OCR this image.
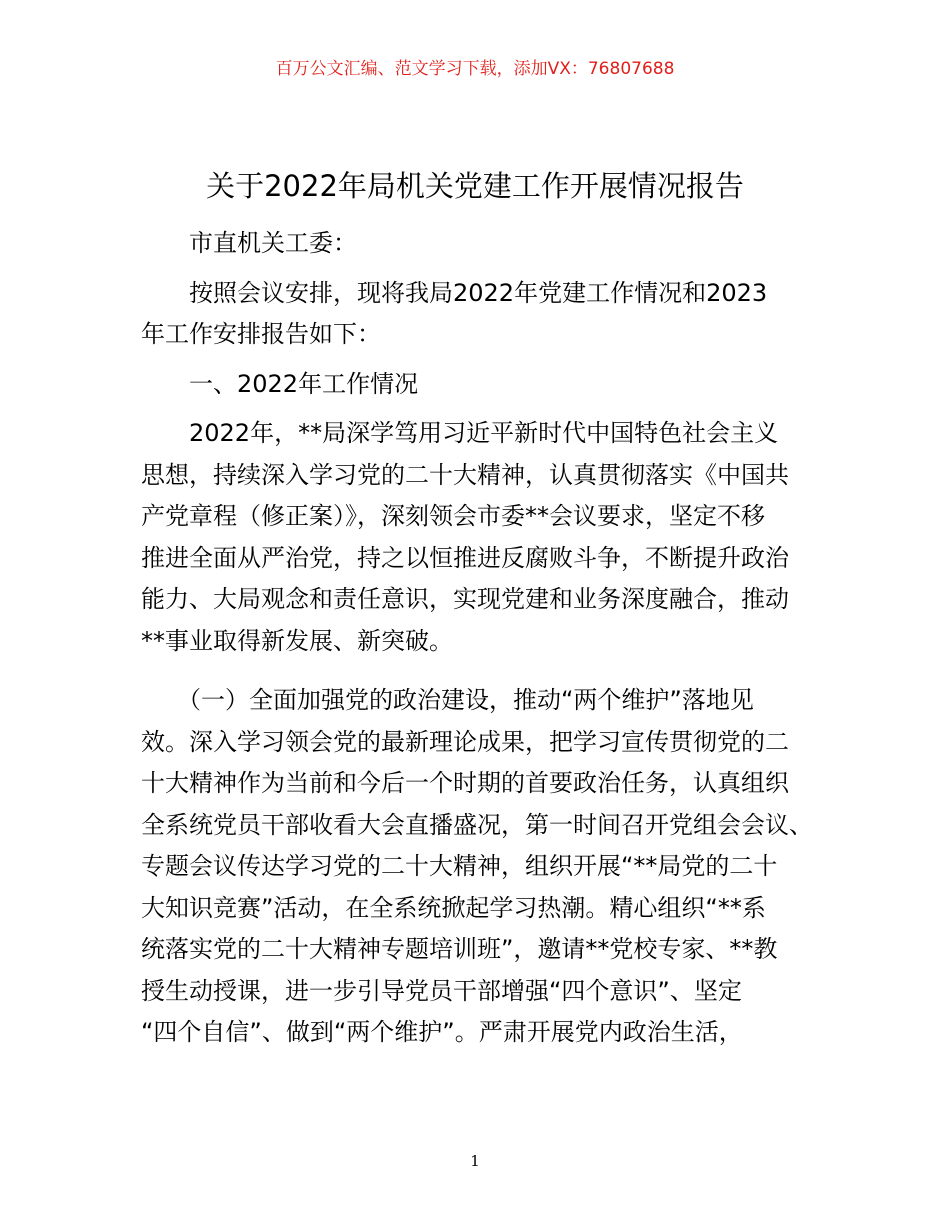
百万公文汇编、范文学习下载，添加VX：76807688
关于2022年局机关党建工作开展情况报告

市直机关工委：

　　按照会议安排，现将我局2022年党建工作情况和2023
年工作安排报告如下：

　　一、2022年工作情况

　　2022年，**局深学笃用习近平新时代中国特色社会主义
思想，持续深入学习党的二十大精神，认真贯彻落实《中国共
产党章程（修正案）》，深刻领会市委**会议要求，坚定不移
推进全面从严治党，持之以恒推进反腐败斗争，不断提升政治
能力、大局观念和责任意识，实现党建和业务深度融合，推动
**事业取得新发展、新突破。

　　（一）全面加强党的政治建设，推动“两个维护”落地见
效。深入学习领会党的最新理论成果，把学习宣传贯彻党的二
十大精神作为当前和今后一个时期的首要政治任务，认真组织
全系统党员干部收看大会直播盛况，第一时间召开党组会会议、
专题会议传达学习党的二十大精神，组织开展“**局党的二十
大知识竞赛”活动，在全系统掀起学习热潮。精心组织“**系
统落实党的二十大精神专题培训班”，邀请**党校专家、**教
授生动授课，进一步引导党员干部增强“四个意识”、坚定
“四个自信”、做到“两个维护”。严肃开展党内政治生活，

1
